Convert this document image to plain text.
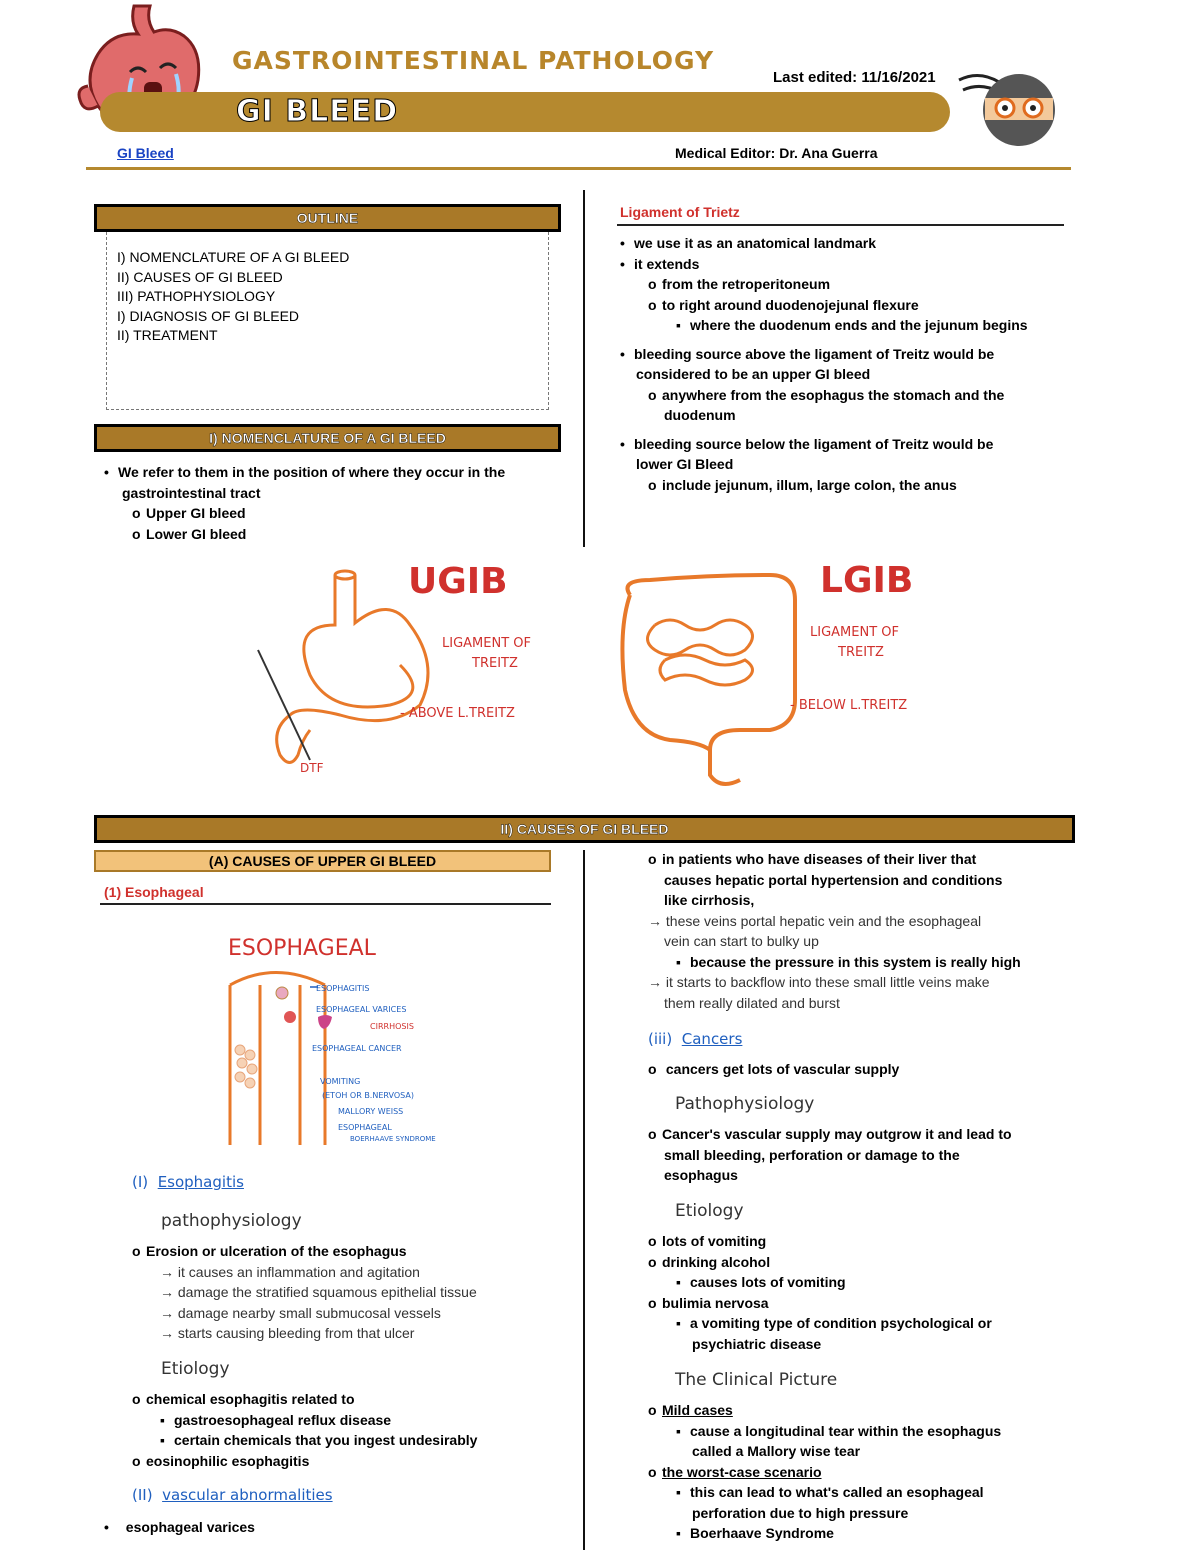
GASTROINTESTINAL PATHOLOGY
Last edited: 11/16/2021
GI BLEED
GI Bleed	Medical Editor: Dr. Ana Guerra
OUTLINE
I) NOMENCLATURE OF A GI BLEED
II) CAUSES OF GI BLEED
III) PATHOPHYSIOLOGY
I) DIAGNOSIS OF GI BLEED
II) TREATMENT
I) NOMENCLATURE OF A GI BLEED
• We refer to them in the position of where they occur in the
gastrointestinal tract
o Upper GI bleed
o Lower GI bleed
Ligament of Trietz
• we use it as an anatomical landmark
• it extends
o from the retroperitoneum
o to right around duodenojejunal flexure
▪ where the duodenum ends and the jejunum begins
• bleeding source above the ligament of Treitz would be
considered to be an upper GI bleed
o anywhere from the esophagus the stomach and the
duodenum
• bleeding source below the ligament of Treitz would be
lower GI Bleed
o include jejunum, illum, large colon, the anus
UGIB
LIGAMENT OF
TREITZ
- ABOVE L.TREITZ
DTF
LGIB
LIGAMENT OF
TREITZ
- BELOW L.TREITZ
II) CAUSES OF GI BLEED
(A) CAUSES OF UPPER GI BLEED
(1) Esophageal
ESOPHAGEAL
ESOPHAGITIS
ESOPHAGEAL VARICES
CIRRHOSIS
ESOPHAGEAL CANCER
VOMITING
(ETOH OR B.NERVOSA)
MALLORY WEISS
ESOPHAGEAL
BOERHAAVE SYNDROME
(I) Esophagitis
pathophysiology
o Erosion or ulceration of the esophagus
→ it causes an inflammation and agitation
→ damage the stratified squamous epithelial tissue
→ damage nearby small submucosal vessels
→ starts causing bleeding from that ulcer
Etiology
o chemical esophagitis related to
▪ gastroesophageal reflux disease
▪ certain chemicals that you ingest undesirably
o eosinophilic esophagitis
(II) vascular abnormalities
• esophageal varices
o in patients who have diseases of their liver that
causes hepatic portal hypertension and conditions
like cirrhosis,
→ these veins portal hepatic vein and the esophageal
vein can start to bulky up
▪ because the pressure in this system is really high
→ it starts to backflow into these small little veins make
them really dilated and burst
(iii) Cancers
o cancers get lots of vascular supply
Pathophysiology
o Cancer's vascular supply may outgrow it and lead to
small bleeding, perforation or damage to the
esophagus
Etiology
o lots of vomiting
o drinking alcohol
▪ causes lots of vomiting
o bulimia nervosa
▪ a vomiting type of condition psychological or
psychiatric disease
The Clinical Picture
o Mild cases
▪ cause a longitudinal tear within the esophagus
called a Mallory wise tear
o the worst-case scenario
▪ this can lead to what's called an esophageal
perforation due to high pressure
▪ Boerhaave Syndrome
